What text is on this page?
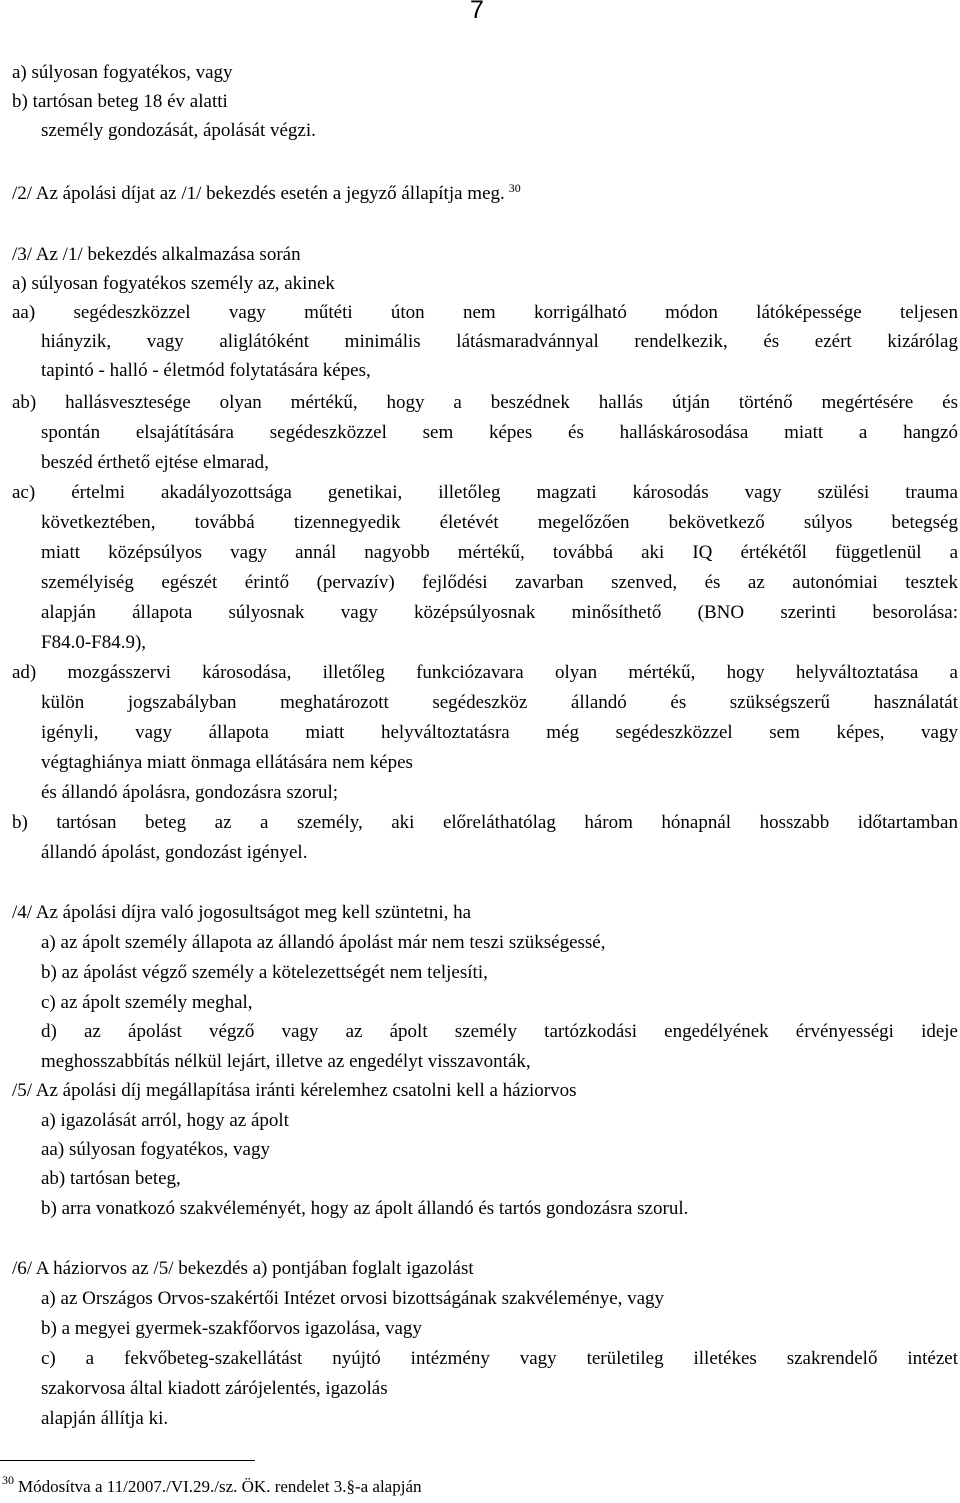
7
a) súlyosan fogyatékos, vagy
b) tartósan beteg 18 év alatti
személy gondozását, ápolását végzi.
/2/ Az ápolási díjat az /1/ bekezdés esetén a jegyző állapítja meg. $^{30}$
/3/ Az /1/ bekezdés alkalmazása során
a) súlyosan fogyatékos személy az, akinek
aa) segédeszközzel vagy műtéti úton nem korrigálható módon látóképessége teljesen
hiányzik, vagy aliglátóként minimális látásmaradvánnyal rendelkezik, és ezért kizárólag
tapintó - halló - életmód folytatására képes,
ab) hallásvesztesége olyan mértékű, hogy a beszédnek hallás útján történő megértésére és
spontán elsajátítására segédeszközzel sem képes és halláskárosodása miatt a hangzó
beszéd érthető ejtése elmarad,
ac) értelmi akadályozottsága genetikai, illetőleg magzati károsodás vagy szülési trauma
következtében, továbbá tizennegyedik életévét megelőzően bekövetkező súlyos betegség
miatt középsúlyos vagy annál nagyobb mértékű, továbbá aki IQ értékétől függetlenül a
személyiség egészét érintő (pervazív) fejlődési zavarban szenved, és az autonómiai tesztek
alapján állapota súlyosnak vagy középsúlyosnak minősíthető (BNO szerinti besorolása:
F84.0-F84.9),
ad) mozgásszervi károsodása, illetőleg funkciózavara olyan mértékű, hogy helyváltoztatása a
külön jogszabályban meghatározott segédeszköz állandó és szükségszerű használatát
igényli, vagy állapota miatt helyváltoztatásra még segédeszközzel sem képes, vagy
végtaghiánya miatt önmaga ellátására nem képes
és állandó ápolásra, gondozásra szorul;
b) tartósan beteg az a személy, aki előreláthatólag három hónapnál hosszabb időtartamban
állandó ápolást, gondozást igényel.
/4/ Az ápolási díjra való jogosultságot meg kell szüntetni, ha
a) az ápolt személy állapota az állandó ápolást már nem teszi szükségessé,
b) az ápolást végző személy a kötelezettségét nem teljesíti,
c) az ápolt személy meghal,
d) az ápolást végző vagy az ápolt személy tartózkodási engedélyének érvényességi ideje
meghosszabbítás nélkül lejárt, illetve az engedélyt visszavonták,
/5/ Az ápolási díj megállapítása iránti kérelemhez csatolni kell a háziorvos
a) igazolását arról, hogy az ápolt
aa) súlyosan fogyatékos, vagy
ab) tartósan beteg,
b) arra vonatkozó szakvéleményét, hogy az ápolt állandó és tartós gondozásra szorul.
/6/ A háziorvos az /5/ bekezdés a) pontjában foglalt igazolást
a) az Országos Orvos-szakértői Intézet orvosi bizottságának szakvéleménye, vagy
b) a megyei gyermek-szakfőorvos igazolása, vagy
c) a fekvőbeteg-szakellátást nyújtó intézmény vagy területileg illetékes szakrendelő intézet
szakorvosa által kiadott zárójelentés, igazolás
alapján állítja ki.
$^{30}$ Módosítva a 11/2007./VI.29./sz. ÖK. rendelet 3.§-a alapján
